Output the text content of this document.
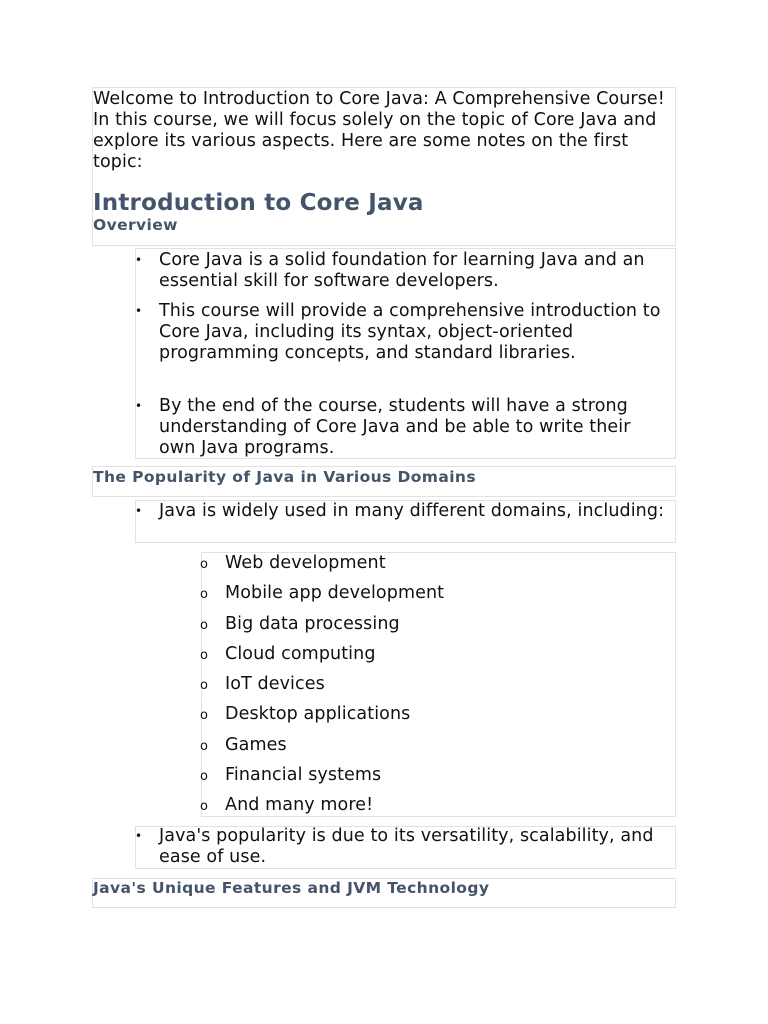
Welcome to Introduction to Core Java: A Comprehensive Course! In this course, we will focus solely on the topic of Core Java and explore its various aspects. Here are some notes on the first topic:

Introduction to Core Java
Overview
• Core Java is a solid foundation for learning Java and an essential skill for software developers.
• This course will provide a comprehensive introduction to Core Java, including its syntax, object-oriented programming concepts, and standard libraries.
• By the end of the course, students will have a strong understanding of Core Java and be able to write their own Java programs.
The Popularity of Java in Various Domains
• Java is widely used in many different domains, including:
o Web development
o Mobile app development
o Big data processing
o Cloud computing
o IoT devices
o Desktop applications
o Games
o Financial systems
o And many more!
• Java's popularity is due to its versatility, scalability, and ease of use.
Java's Unique Features and JVM Technology
